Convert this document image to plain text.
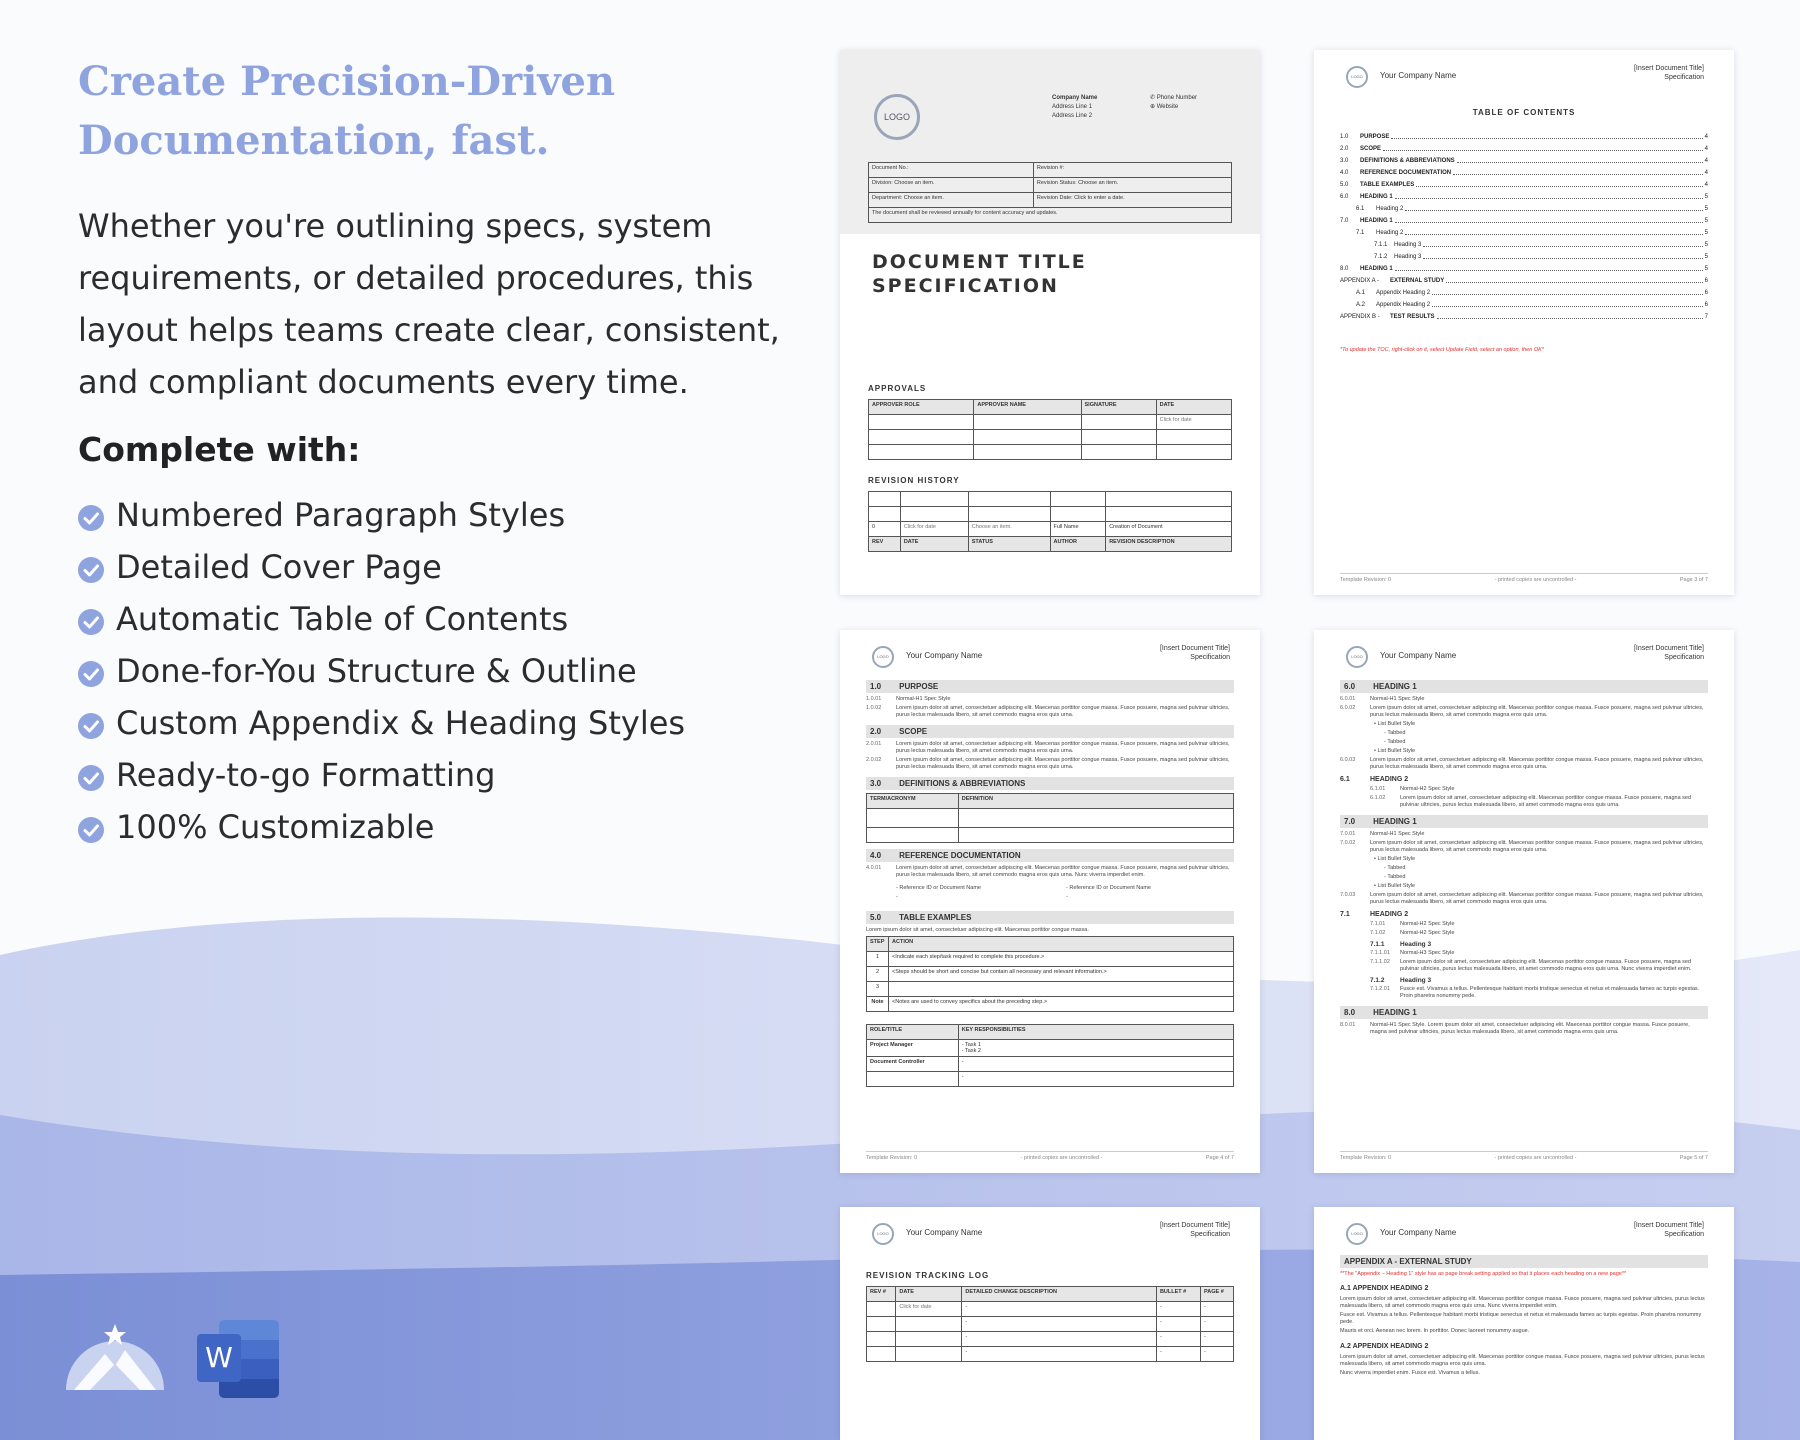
Create Precision-Driven
Documentation, fast.

Whether you're outlining specs, system requirements, or detailed procedures, this layout helps teams create clear, consistent, and compliant documents every time.

Complete with:
Numbered Paragraph Styles
Detailed Cover Page
Automatic Table of Contents
Done-for-You Structure & Outline
Custom Appendix & Heading Styles
Ready-to-go Formatting
100% Customizable
W
LOGO
Company Name
Address Line 1
Address Line 2
✆ Phone Number
⊕ Website
Document No.:	Revision #:
Division: Choose an item.	Revision Status: Choose an item.
Department: Choose an item.	Revision Date: Click to enter a date.
The document shall be reviewed annually for content accuracy and updates.	
DOCUMENT TITLE
SPECIFICATION
APPROVALS
APPROVER ROLE	APPROVER NAME	SIGNATURE	DATE
			Click for date

REVISION HISTORY

0	Click for date	Choose an item.	Full Name	Creation of Document
REV	DATE	STATUS	AUTHOR	REVISION DESCRIPTION
LOGO	Your Company Name
[Insert Document Title]
Specification
TABLE OF CONTENTS
1.0	PURPOSE	4
2.0	SCOPE	4
3.0	DEFINITIONS & ABBREVIATIONS	4
4.0	REFERENCE DOCUMENTATION	4
5.0	TABLE EXAMPLES	4
6.0	HEADING 1	5
6.1	Heading 2	5
7.0	HEADING 1	5
7.1	Heading 2	5
7.1.1	Heading 3	5
7.1.2	Heading 3	5
8.0	HEADING 1	5
APPENDIX A -	EXTERNAL STUDY	6
A.1	Appendix Heading 2	6
A.2	Appendix Heading 2	6
APPENDIX B -	TEST RESULTS	7
*To update the TOC, right-click on it, select Update Field, select an option, then OK*
Template Revision: 0	- printed copies are uncontrolled -	Page 3 of 7
LOGO	Your Company Name
[Insert Document Title]
Specification
1.0 PURPOSE
1.0.01	Normal-H1 Spec Style
1.0.02	Lorem ipsum dolor sit amet, consectetuer adipiscing elit. Maecenas porttitor congue massa. Fusce posuere, magna sed pulvinar ultricies, purus lectus malesuada libero, sit amet commodo magna eros quis urna.
2.0 SCOPE
2.0.01	Lorem ipsum dolor sit amet, consectetuer adipiscing elit. Maecenas porttitor congue massa. Fusce posuere, magna sed pulvinar ultricies, purus lectus malesuada libero, sit amet commodo magna eros quis urna.
2.0.02	Lorem ipsum dolor sit amet, consectetuer adipiscing elit. Maecenas porttitor congue massa. Fusce posuere, magna sed pulvinar ultricies, purus lectus malesuada libero, sit amet commodo magna eros quis urna.
3.0 DEFINITIONS & ABBREVIATIONS
TERM/ACRONYM	DEFINITION

4.0 REFERENCE DOCUMENTATION
4.0.01	Lorem ipsum dolor sit amet, consectetuer adipiscing elit. Maecenas porttitor congue massa. Fusce posuere, magna sed pulvinar ultricies, purus lectus malesuada libero, sit amet commodo magna eros quis urna. Nunc viverra imperdiet enim.
- Reference ID or Document Name	- Reference ID or Document Name
-	-
5.0 TABLE EXAMPLES
Lorem ipsum dolor sit amet, consectetuer adipiscing elit. Maecenas porttitor congue massa.
STEP	ACTION
1	<Indicate each step/task required to complete this procedure.>
2	<Steps should be short and concise but contain all necessary and relevant information.>
3	
Note	<Notes are used to convey specifics about the preceding step.>
ROLE/TITLE	KEY RESPONSIBILITIES
Project Manager	- Task 1
- Task 2

Document Controller	-
	-
Template Revision: 0	- printed copies are uncontrolled -	Page 4 of 7
LOGO	Your Company Name
[Insert Document Title]
Specification
6.0 HEADING 1
6.0.01	Normal-H1 Spec Style
6.0.02	Lorem ipsum dolor sit amet, consectetuer adipiscing elit. Maecenas porttitor congue massa. Fusce posuere, magna sed pulvinar ultricies, purus lectus malesuada libero, sit amet commodo magna eros quis urna.
• List Bullet Style
- Tabbed
- Tabbed
• List Bullet Style
6.0.03	Lorem ipsum dolor sit amet, consectetuer adipiscing elit. Maecenas porttitor congue massa. Fusce posuere, magna sed pulvinar ultricies, purus lectus malesuada libero, sit amet commodo magna eros quis urna.
6.1	HEADING 2
6.1.01	Normal-H2 Spec Style
6.1.02	Lorem ipsum dolor sit amet, consectetuer adipiscing elit. Maecenas porttitor congue massa. Fusce posuere, magna sed pulvinar ultricies, purus lectus malesuada libero, sit amet commodo magna eros quis urna.
7.0 HEADING 1
7.0.01	Normal-H1 Spec Style
7.0.02	Lorem ipsum dolor sit amet, consectetuer adipiscing elit. Maecenas porttitor congue massa. Fusce posuere, magna sed pulvinar ultricies, purus lectus malesuada libero, sit amet commodo magna eros quis urna.
• List Bullet Style
- Tabbed
- Tabbed
• List Bullet Style
7.0.03	Lorem ipsum dolor sit amet, consectetuer adipiscing elit. Maecenas porttitor congue massa. Fusce posuere, magna sed pulvinar ultricies, purus lectus malesuada libero, sit amet commodo magna eros quis urna.
7.1	HEADING 2
7.1.01	Normal-H2 Spec Style
7.1.02	Normal-H2 Spec Style
7.1.1 Heading 3
7.1.1.01	Normal-H3 Spec Style
7.1.1.02	Lorem ipsum dolor sit amet, consectetuer adipiscing elit. Maecenas porttitor congue massa. Fusce posuere, magna sed pulvinar ultricies, purus lectus malesuada libero, sit amet commodo magna eros quis urna. Nunc viverra imperdiet enim.
7.1.2 Heading 3
7.1.2.01	Fusce est. Vivamus a tellus. Pellentesque habitant morbi tristique senectus et netus et malesuada fames ac turpis egestas. Proin pharetra nonummy pede.
8.0 HEADING 1
8.0.01	Normal-H1 Spec Style. Lorem ipsum dolor sit amet, consectetuer adipiscing elit. Maecenas porttitor congue massa. Fusce posuere, magna sed pulvinar ultricies, purus lectus malesuada libero, sit amet commodo magna eros quis urna.
Template Revision: 0	- printed copies are uncontrolled -	Page 5 of 7
LOGO	Your Company Name
[Insert Document Title]
Specification
REVISION TRACKING LOG
REV #	DATE	DETAILED CHANGE DESCRIPTION	BULLET #	PAGE #
	Click for date	-	-	-
		-	-	-
		-	-	-
		-	-	-
LOGO	Your Company Name
[Insert Document Title]
Specification
APPENDIX A - EXTERNAL STUDY
**The "Appendix – Heading 1" style has as page break setting applied so that it places each heading on a new page**
A.1 APPENDIX HEADING 2
Lorem ipsum dolor sit amet, consectetuer adipiscing elit. Maecenas porttitor congue massa. Fusce posuere, magna sed pulvinar ultricies, purus lectus malesuada libero, sit amet commodo magna eros quis urna. Nunc viverra imperdiet enim.
Fusce est. Vivamus a tellus. Pellentesque habitant morbi tristique senectus et netus et malesuada fames ac turpis egestas. Proin pharetra nonummy pede.
Mauris et orci. Aenean nec lorem. In porttitor. Donec laoreet nonummy augue.
A.2 APPENDIX HEADING 2
Lorem ipsum dolor sit amet, consectetuer adipiscing elit. Maecenas porttitor congue massa. Fusce posuere, magna sed pulvinar ultricies, purus lectus malesuada libero, sit amet commodo magna eros quis urna.
Nunc viverra imperdiet enim. Fusce est. Vivamus a tellus.
